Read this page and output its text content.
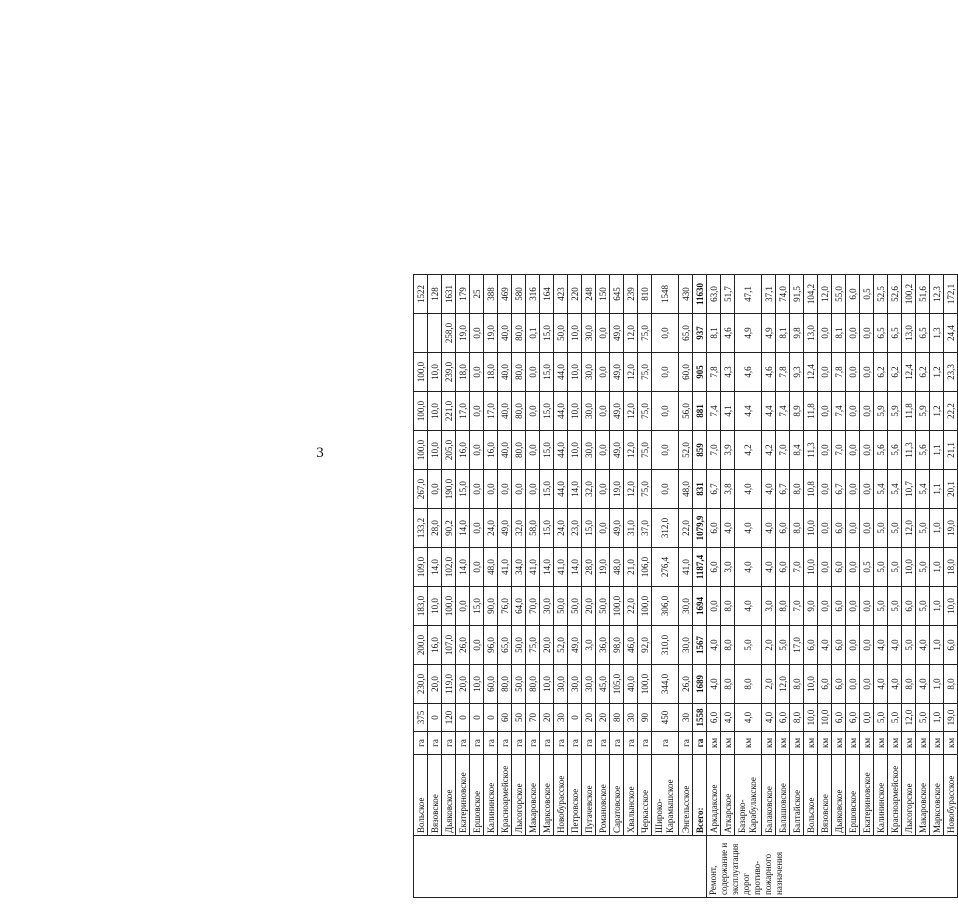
3
	Вольское	га	375	230,0	200,0	183,0	109,0	133,2	267,0	100,0	100,0	100,0		1522
	Вязовское	га	0	20,0	16,0	10,0	14,0	28,0	0,0	10,0	10,0	10,0		128
	Дьяковское	га	120	119,0	107,0	100,0	102,0	90,2	190,0	205,0	221,0	239,0	258,0	1631
	Екатериновское	га	0	20,0	26,0	0,0	14,0	14,0	15,0	16,0	17,0	18,0	19,0	179
	Ершовское	га	0	10,0	0,0	15,0	0,0	0,0	0,0	0,0	0,0	0,0	0,0	25
	Калининское	га	0	60,0	96,0	90,0	48,0	24,0	0,0	16,0	17,0	18,0	19,0	388
	Красноармейское	га	60	80,0	65,0	76,0	41,0	49,0	0,0	40,0	40,0	40,0	40,0	469
	Лысогорское	га	50	50,0	50,0	64,0	34,0	32,0	0,0	80,0	80,0	80,0	80,0	580
	Макаровское	га	70	80,0	75,0	70,0	41,0	58,0	0,0	0,0	0,0	0,0	0,1	316
	Марксовское	га	20	10,0	20,0	30,0	14,0	15,0	15,0	15,0	15,0	15,0	15,0	164
	Новобурасское	га	30	30,0	52,0	50,0	41,0	24,0	44,0	44,0	44,0	44,0	50,0	423
	Петровское	га	0	30,0	49,0	50,0	14,0	23,0	14,0	10,0	10,0	10,0	10,0	220
	Пугачевское	га	20	30,0	3,0	20,0	28,0	15,0	32,0	30,0	30,0	30,0	30,0	248
	Романовское	га	20	45,0	36,0	50,0	19,0	0,0	0,0	0,0	0,0	0,0	0,0	150
	Саратовское	га	80	105,0	98,0	100,0	48,0	49,0	19,0	49,0	49,0	49,0	49,0	645
	Хвалынское	га	30	40,0	46,0	22,0	21,0	31,0	12,0	12,0	12,0	12,0	12,0	239
	Черкасское	га	90	100,0	92,0	100,0	106,0	37,0	75,0	75,0	75,0	75,0	75,0	810
	Широко-Карамышское	га	450	344,0	310,0	306,0	276,4	312,0	0,0	0,0	0,0	0,0	0,0	1548
	Энгельсское	га	30	26,0	30,0	30,0	41,0	22,0	48,0	52,0	56,0	60,0	65,0	430
	Всего:	га	1558	1689	1567	1694	1187,4	1079,9	831	859	881	905	937	11630
Ремонт, содержание и эксплуатация дорог противо-пожарного назначения	Аркадакское	км	6,0	4,0	4,0	0,0	6,0	6,0	6,7	7,0	7,4	7,8	8,1	63,0
	Аткарское	км	4,0	8,0	8,0	8,0	3,0	4,0	3,8	3,9	4,1	4,3	4,6	51,7
	Базарно-Карабулакское	км	4,0	8,0	5,0	4,0	4,0	4,0	4,0	4,2	4,4	4,6	4,9	47,1
	Балаковское	км	4,0	2,0	2,0	3,0	4,0	4,0	4,0	4,2	4,4	4,6	4,9	37,1
	Балашовское	км	6,0	12,0	5,0	8,0	6,0	6,0	6,7	7,0	7,4	7,8	8,1	74,0
	Балтайское	км	8,0	8,0	17,0	7,0	7,0	8,0	8,0	8,4	8,9	9,3	9,8	91,5
	Вольское	км	10,0	10,0	6,0	9,0	10,0	10,0	10,8	11,3	11,8	12,4	13,0	104,2
	Вязовское	км	10,0	6,0	4,0	0,0	0,0	0,0	0,0	0,0	0,0	0,0	0,0	12,0
	Дьяковское	км	6,0	6,0	6,0	6,0	6,0	6,0	6,7	7,0	7,4	7,8	8,1	55,0
	Ершовское	км	6,0	0,0	0,0	0,0	0,0	0,0	0,0	0,0	0,0	0,0	0,0	6,0
	Екатериновское	км	0,0	0,0	0,0	0,0	0,5	0,0	0,0	0,0	0,0	0,0	0,0	0,5
	Калининское	км	5,0	4,0	4,0	5,0	5,0	5,0	5,4	5,6	5,9	6,2	6,5	52,5
	Красноармейское	км	5,0	4,0	4,0	5,0	5,0	5,0	5,4	5,6	5,9	6,2	6,5	52,6
	Лысогорское	км	12,0	8,0	5,0	6,0	10,0	12,0	10,7	11,3	11,8	12,4	13,0	100,2
	Макаровское	км	5,0	4,0	4,0	5,0	5,0	5,0	5,4	5,6	5,9	6,2	6,5	51,6
	Марксовское	км	1,0	1,0	1,0	1,0	1,0	1,0	1,1	1,1	1,2	1,2	1,3	12,3
	Новобурасское	км	19,0	8,0	6,0	10,0	18,0	19,0	20,1	21,1	22,2	23,3	24,4	172,1
